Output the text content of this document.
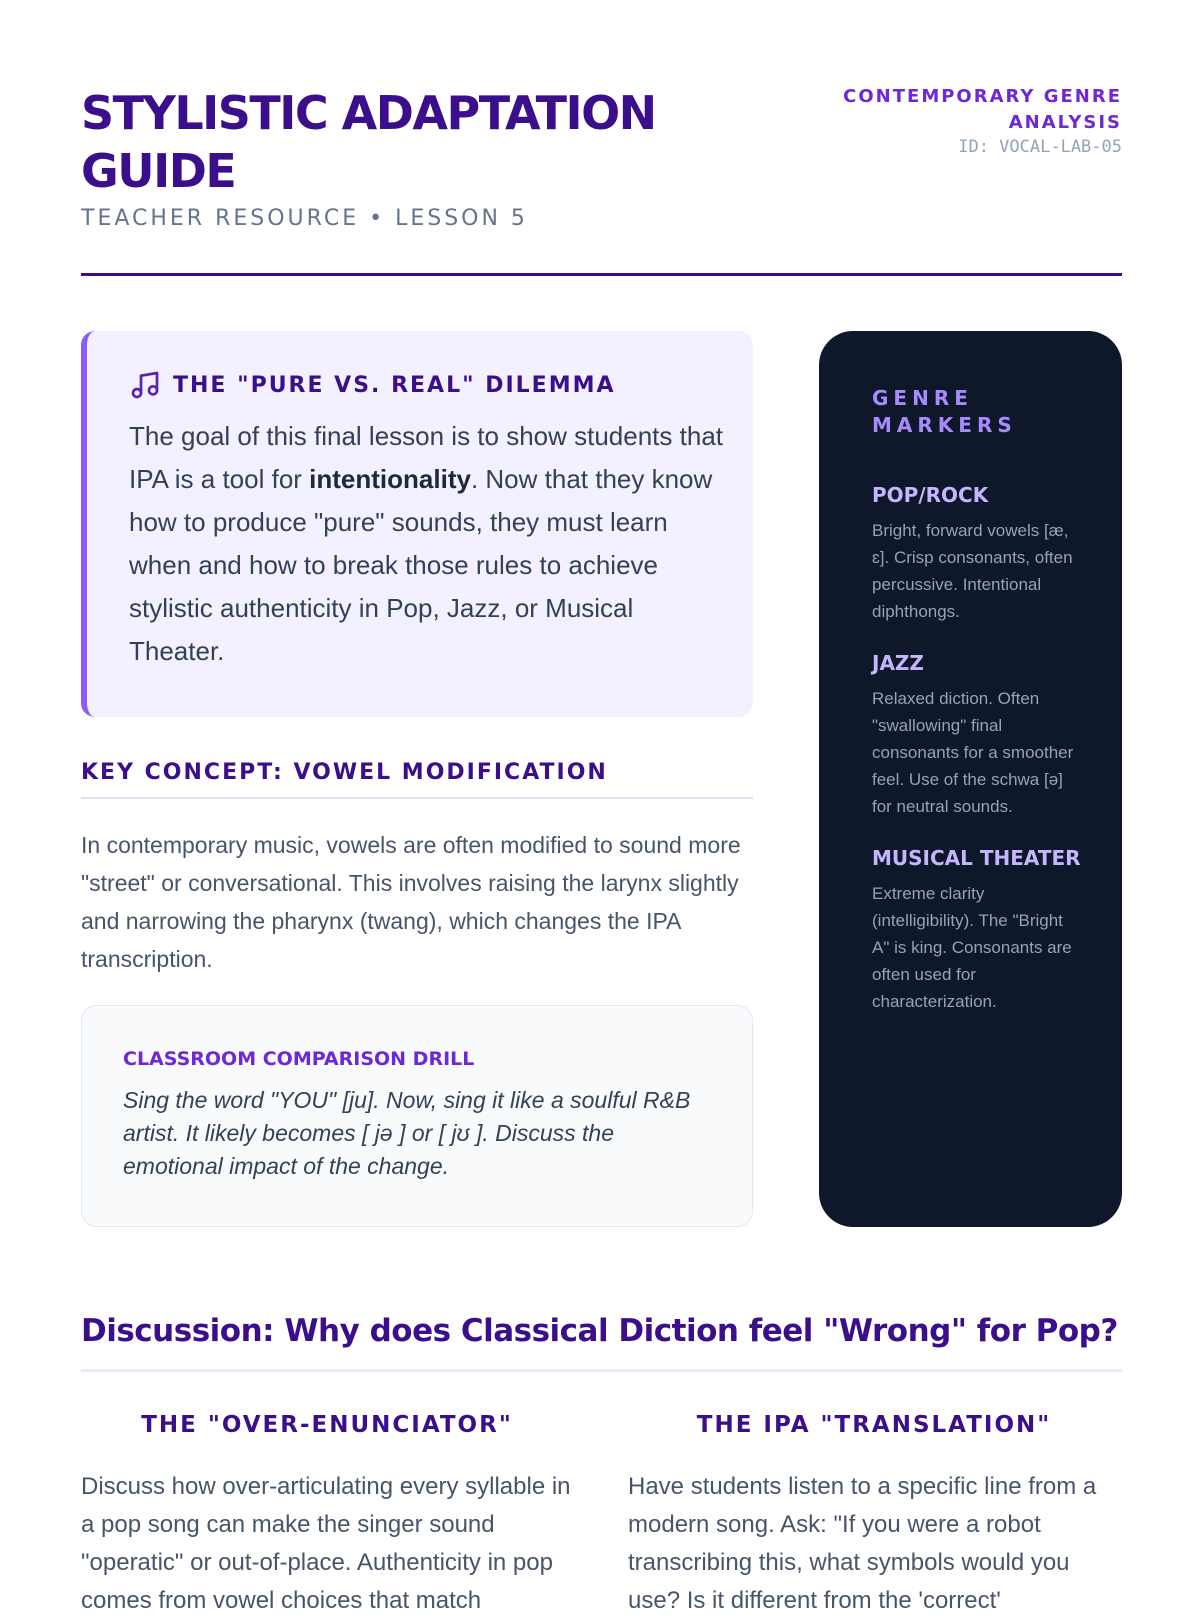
STYLISTIC ADAPTATION GUIDE
TEACHER RESOURCE • LESSON 5
CONTEMPORARY GENRE ANALYSIS
ID: VOCAL-LAB-05
THE "PURE VS. REAL" DILEMMA

The goal of this final lesson is to show students that IPA is a tool for intentionality. Now that they know how to produce "pure" sounds, they must learn when and how to break those rules to achieve stylistic authenticity in Pop, Jazz, or Musical Theater.

KEY CONCEPT: VOWEL MODIFICATION

In contemporary music, vowels are often modified to sound more "street" or conversational. This involves raising the larynx slightly and narrowing the pharynx (twang), which changes the IPA transcription.

CLASSROOM COMPARISON DRILL

Sing the word "YOU" [ju]. Now, sing it like a soulful R&B artist. It likely becomes [ jə ] or [ jʊ ]. Discuss the emotional impact of the change.

GENRE MARKERS
POP/ROCK
Bright, forward vowels [æ, ɛ]. Crisp consonants, often percussive. Intentional diphthongs.
JAZZ
Relaxed diction. Often "swallowing" final consonants for a smoother feel. Use of the schwa [ə] for neutral sounds.
MUSICAL THEATER
Extreme clarity (intelligibility). The "Bright A" is king. Consonants are often used for characterization.
Discussion: Why does Classical Diction feel "Wrong" for Pop?
THE "OVER-ENUNCIATOR"

Discuss how over-articulating every syllable in a pop song can make the singer sound "operatic" or out-of-place. Authenticity in pop comes from vowel choices that match

THE IPA "TRANSLATION"

Have students listen to a specific line from a modern song. Ask: "If you were a robot transcribing this, what symbols would you use? Is it different from the 'correct'
